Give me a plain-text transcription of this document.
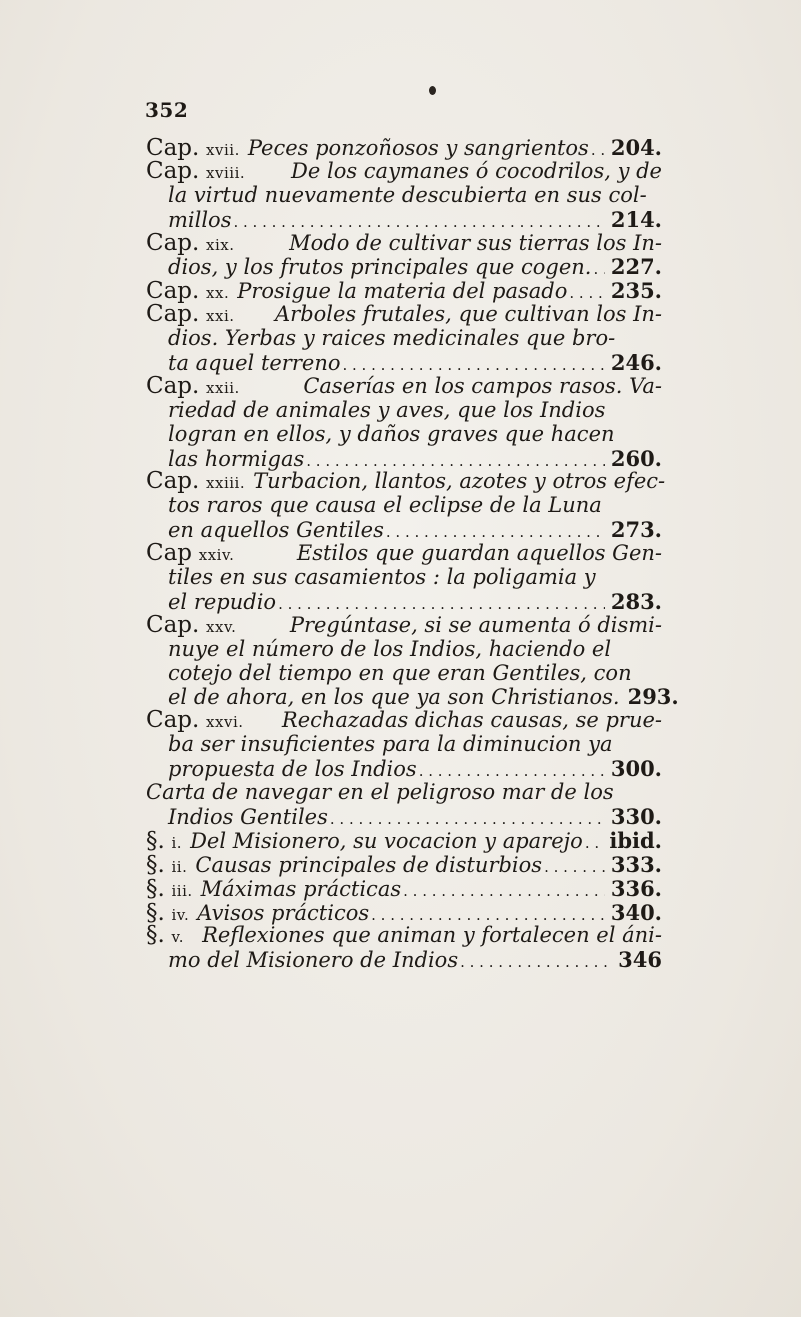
352
Cap. xvii. Peces ponzoñosos y sangrientos . . . 204.
Cap. xviii. De los caymanes ó cocodrilos, y de
la virtud nuevamente descubierta en sus col-
millos . . .	214.
Cap. xix.	Modo de cultivar sus tierras los In-
dios, y los frutos principales que cogen. . . . 227.
Cap. xx. Prosigue la materia del pasado . . . 235.
Cap. xxi. Arboles frutales, que cultivan los In-
dios. Yerbas y raices medicinales que bro-
ta aquel terreno . . .	246.
Cap. xxii.	Caserías en los campos rasos. Va-
riedad de animales y aves, que los Indios
logran en ellos, y daños graves que hacen
las hormigas . . .	260.
Cap. xxiii. Turbacion, llantos, azotes y otros efec-
tos raros que causa el eclipse de la Luna
en aquellos Gentiles . . .	273.
Cap xxiv.	Estilos que guardan aquellos Gen-
tiles en sus casamientos : la poligamia y
el repudio . . .	283.
Cap. xxv.	Pregúntase, si se aumenta ó dismi-
nuye el número de los Indios, haciendo el
cotejo del tiempo en que eran Gentiles, con
el de ahora, en los que ya son Christianos. 293.
Cap. xxvi. Rechazadas dichas causas, se prue-
ba ser insuficientes para la diminucion ya
propuesta de los Indios . . .	300.
Carta de navegar en el peligroso mar de los
Indios Gentiles . . .	330.
§. i. Del Misionero, su vocacion y aparejo . . . ibid.
§. ii. Causas principales de disturbios . . .	333.
§. iii. Máximas prácticas . . .	336.
§. iv. Avisos prácticos . . .	340.
§. v. Reflexiones que animan y fortalecen el áni-
mo del Misionero de Indios . . .	346
